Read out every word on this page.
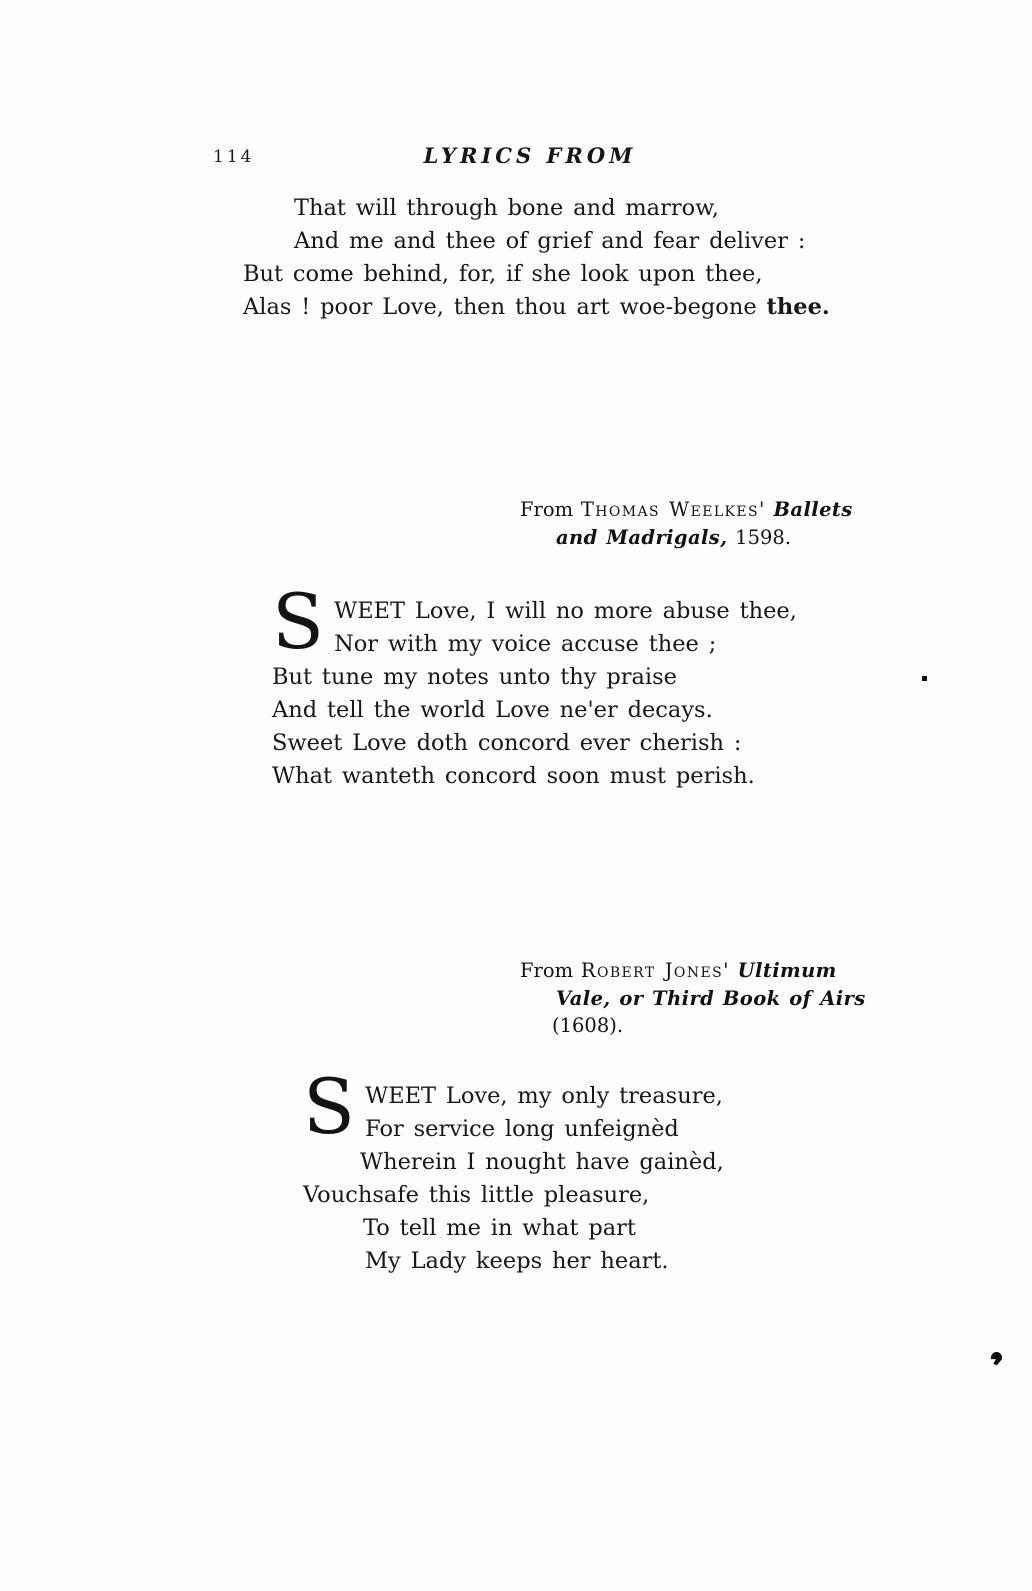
114	LYRICS FROM
That will through bone and marrow,
And me and thee of grief and fear deliver :
But come behind, for, if she look upon thee,
Alas ! poor Love, then thou art woe-begone thee.
From Thomas Weelkes' Ballets
and Madrigals, 1598.
S WEET Love, I will no more abuse thee,
Nor with my voice accuse thee ;
But tune my notes unto thy praise
And tell the world Love ne'er decays.
Sweet Love doth concord ever cherish :
What wanteth concord soon must perish.
From Robert Jones' Ultimum
Vale, or Third Book of Airs
(1608).
S WEET Love, my only treasure,
For service long unfeignèd
Wherein I nought have gainèd,
Vouchsafe this little pleasure,
To tell me in what part
My Lady keeps her heart.
